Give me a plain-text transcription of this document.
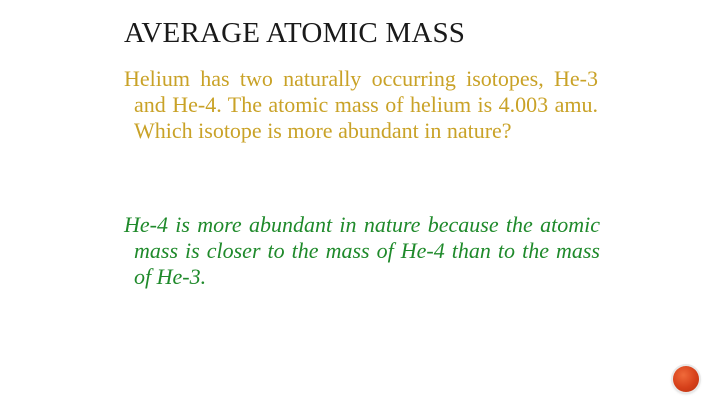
AVERAGE ATOMIC MASS

Helium has two naturally occurring isotopes, He-3 and He-4. The atomic mass of helium is 4.003 amu. Which isotope is more abundant in nature?

He-4 is more abundant in nature because the atomic mass is closer to the mass of He-4 than to the mass of He-3.
